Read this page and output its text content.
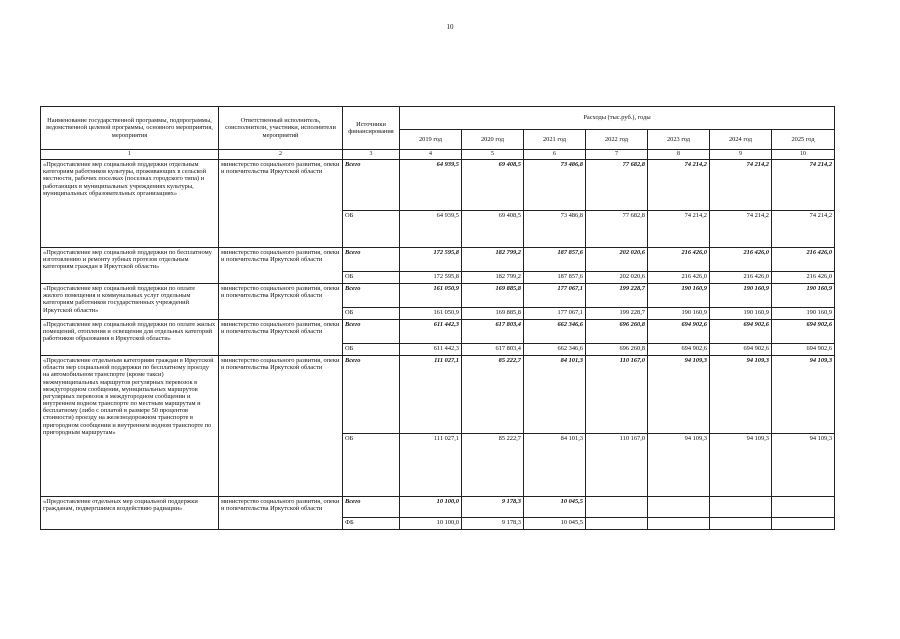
10
Наименование государственной программы, подпрограммы, ведомственной целевой программы, основного мероприятия, мероприятия	Ответственный исполнитель, соисполнители, участники, исполнители мероприятий	Источники финансирования	Расходы (тыс.руб.), годы						
			2019 год	2020 год	2021 год	2022 год	2023 год	2024 год	2025 год
1	2	3	4	5	6	7	8	9	10
«Предоставление мер социальной поддержки отдельным категориям работников культуры, проживающих в сельской местности, рабочих поселках (поселках городского типа) и работающих в муниципальных учреждениях культуры, муниципальных образовательных организациях»	министерство социального развития, опеки и попечительства Иркутской области	Всего	64 939,5	69 408,5	73 486,8	77 682,8	74 214,2	74 214,2	74 214,2
		ОБ	64 939,5	69 408,5	73 486,8	77 682,8	74 214,2	74 214,2	74 214,2
«Предоставление мер социальной поддержки по бесплатному изготовлению и ремонту зубных протезов отдельным категориям граждан в Иркутской области»	министерство социального развития, опеки и попечительства Иркутской области	Всего	172 595,8	182 799,2	187 857,6	202 020,6	216 426,0	216 426,0	216 426,0
		ОБ	172 595,8	182 799,2	187 857,6	202 020,6	216 426,0	216 426,0	216 426,0
«Предоставление мер социальной поддержки по оплате жилого помещения и коммунальных услуг отдельным категориям работников государственных учреждений Иркутской области»	министерство социального развития, опеки и попечительства Иркутской области	Всего	161 050,9	169 885,8	177 067,1	199 228,7	190 160,9	190 160,9	190 160,9
		ОБ	161 050,9	169 885,8	177 067,1	199 228,7	190 160,9	190 160,9	190 160,9
«Предоставление мер социальной поддержки по оплате жилых помещений, отопления и освещения для отдельных категорий работников образования в Иркутской области»	министерство социального развития, опеки и попечительства Иркутской области	Всего	611 442,3	617 803,4	662 346,6	696 260,8	694 902,6	694 902,6	694 902,6
		ОБ	611 442,3	617 803,4	662 346,6	696 260,8	694 902,6	694 902,6	694 902,6
«Предоставление отдельным категориям граждан в Иркутской области мер социальной поддержки по бесплатному проезду на автомобильном транспорте (кроме такси) межмуниципальных маршрутов регулярных перевозок в междугородном сообщении, муниципальных маршрутов регулярных перевозок в междугородном сообщении и внутреннем водном транспорте по местным маршрутам и бесплатному (либо с оплатой в размере 50 процентов стоимости) проезду на железнодорожном транспорте в пригородном сообщении и внутреннем водном транспорте по пригородным маршрутам»	министерство социального развития, опеки и попечительства Иркутской области	Всего	111 027,1	85 222,7	84 101,3	110 167,0	94 109,3	94 109,3	94 109,3
		ОБ	111 027,1	85 222,7	84 101,3	110 167,0	94 109,3	94 109,3	94 109,3
«Предоставление отдельных мер социальной поддержки гражданам, подвергшимся воздействию радиации»	министерство социального развития, опеки и попечительства Иркутской области	Всего	10 100,0	9 178,3	10 045,5				
		ФБ	10 100,0	9 178,3	10 045,5				
